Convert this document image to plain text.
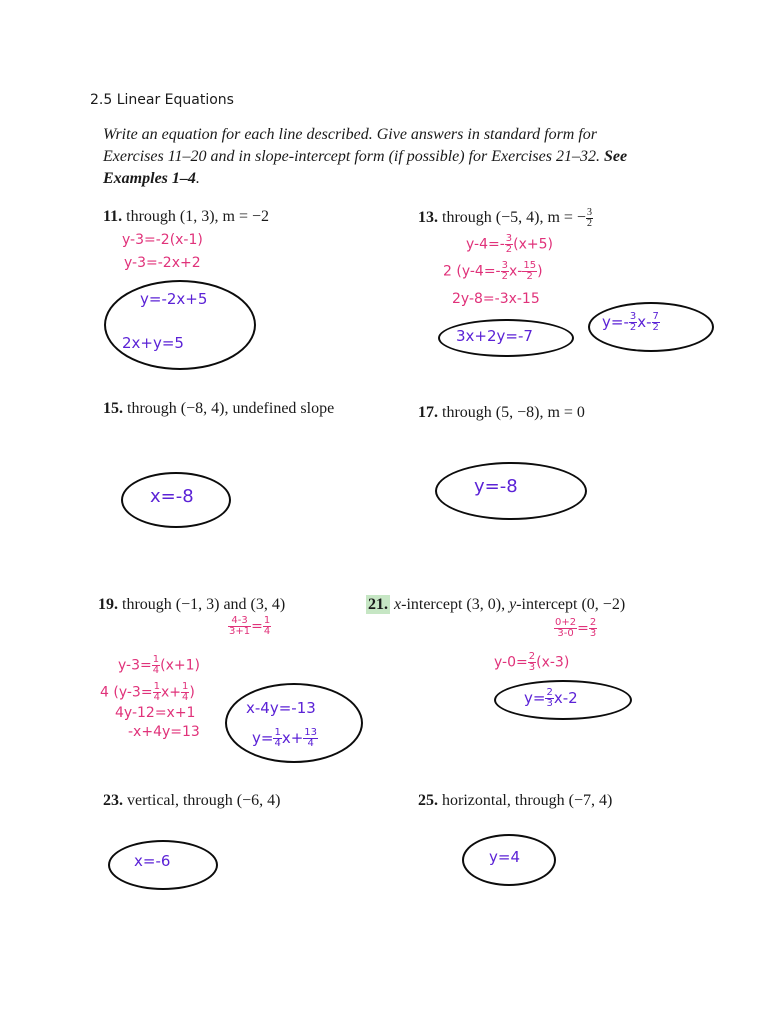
2.5 Linear Equations
Write an equation for each line described. Give answers in standard form for
Exercises 11–20 and in slope-intercept form (if possible) for Exercises 21–32. See
Examples 1–4.
11. through (1, 3), m = −2
y-3=-2(x-1)
y-3=-2x+2
y=-2x+5
2x+y=5
13. through (−5, 4), m = − $\frac{3}{2}$
$y-4=- \frac{3}{2} (x+5)$
2 ($y-4=- \frac{3}{2} x- \frac{15}{2}$ )
2y-8=-3x-15
3x+2y=-7
$y=- \frac{3}{2} x- \frac{7}{2}$
15. through (−8, 4), undefined slope
x=-8
17. through (5, −8), m = 0
y=-8
19. through (−1, 3) and (3, 4)
$\frac{4-3}{3+1} = \frac{1}{4}$
$y-3= \frac{1}{4} (x+1)$
4 ($y-3= \frac{1}{4} x+ \frac{1}{4}$ )
4y-12=x+1
-x+4y=13
x-4y=-13
$y= \frac{1}{4} x+ \frac{13}{4}$
21. x-intercept (3, 0), y-intercept (0, −2)
$\frac{0+2}{3-0} = \frac{2}{3}$
$y-0= \frac{2}{3} (x-3)$
$y= \frac{2}{3} x-2$
23. vertical, through (−6, 4)
x=-6
25. horizontal, through (−7, 4)
y=4
